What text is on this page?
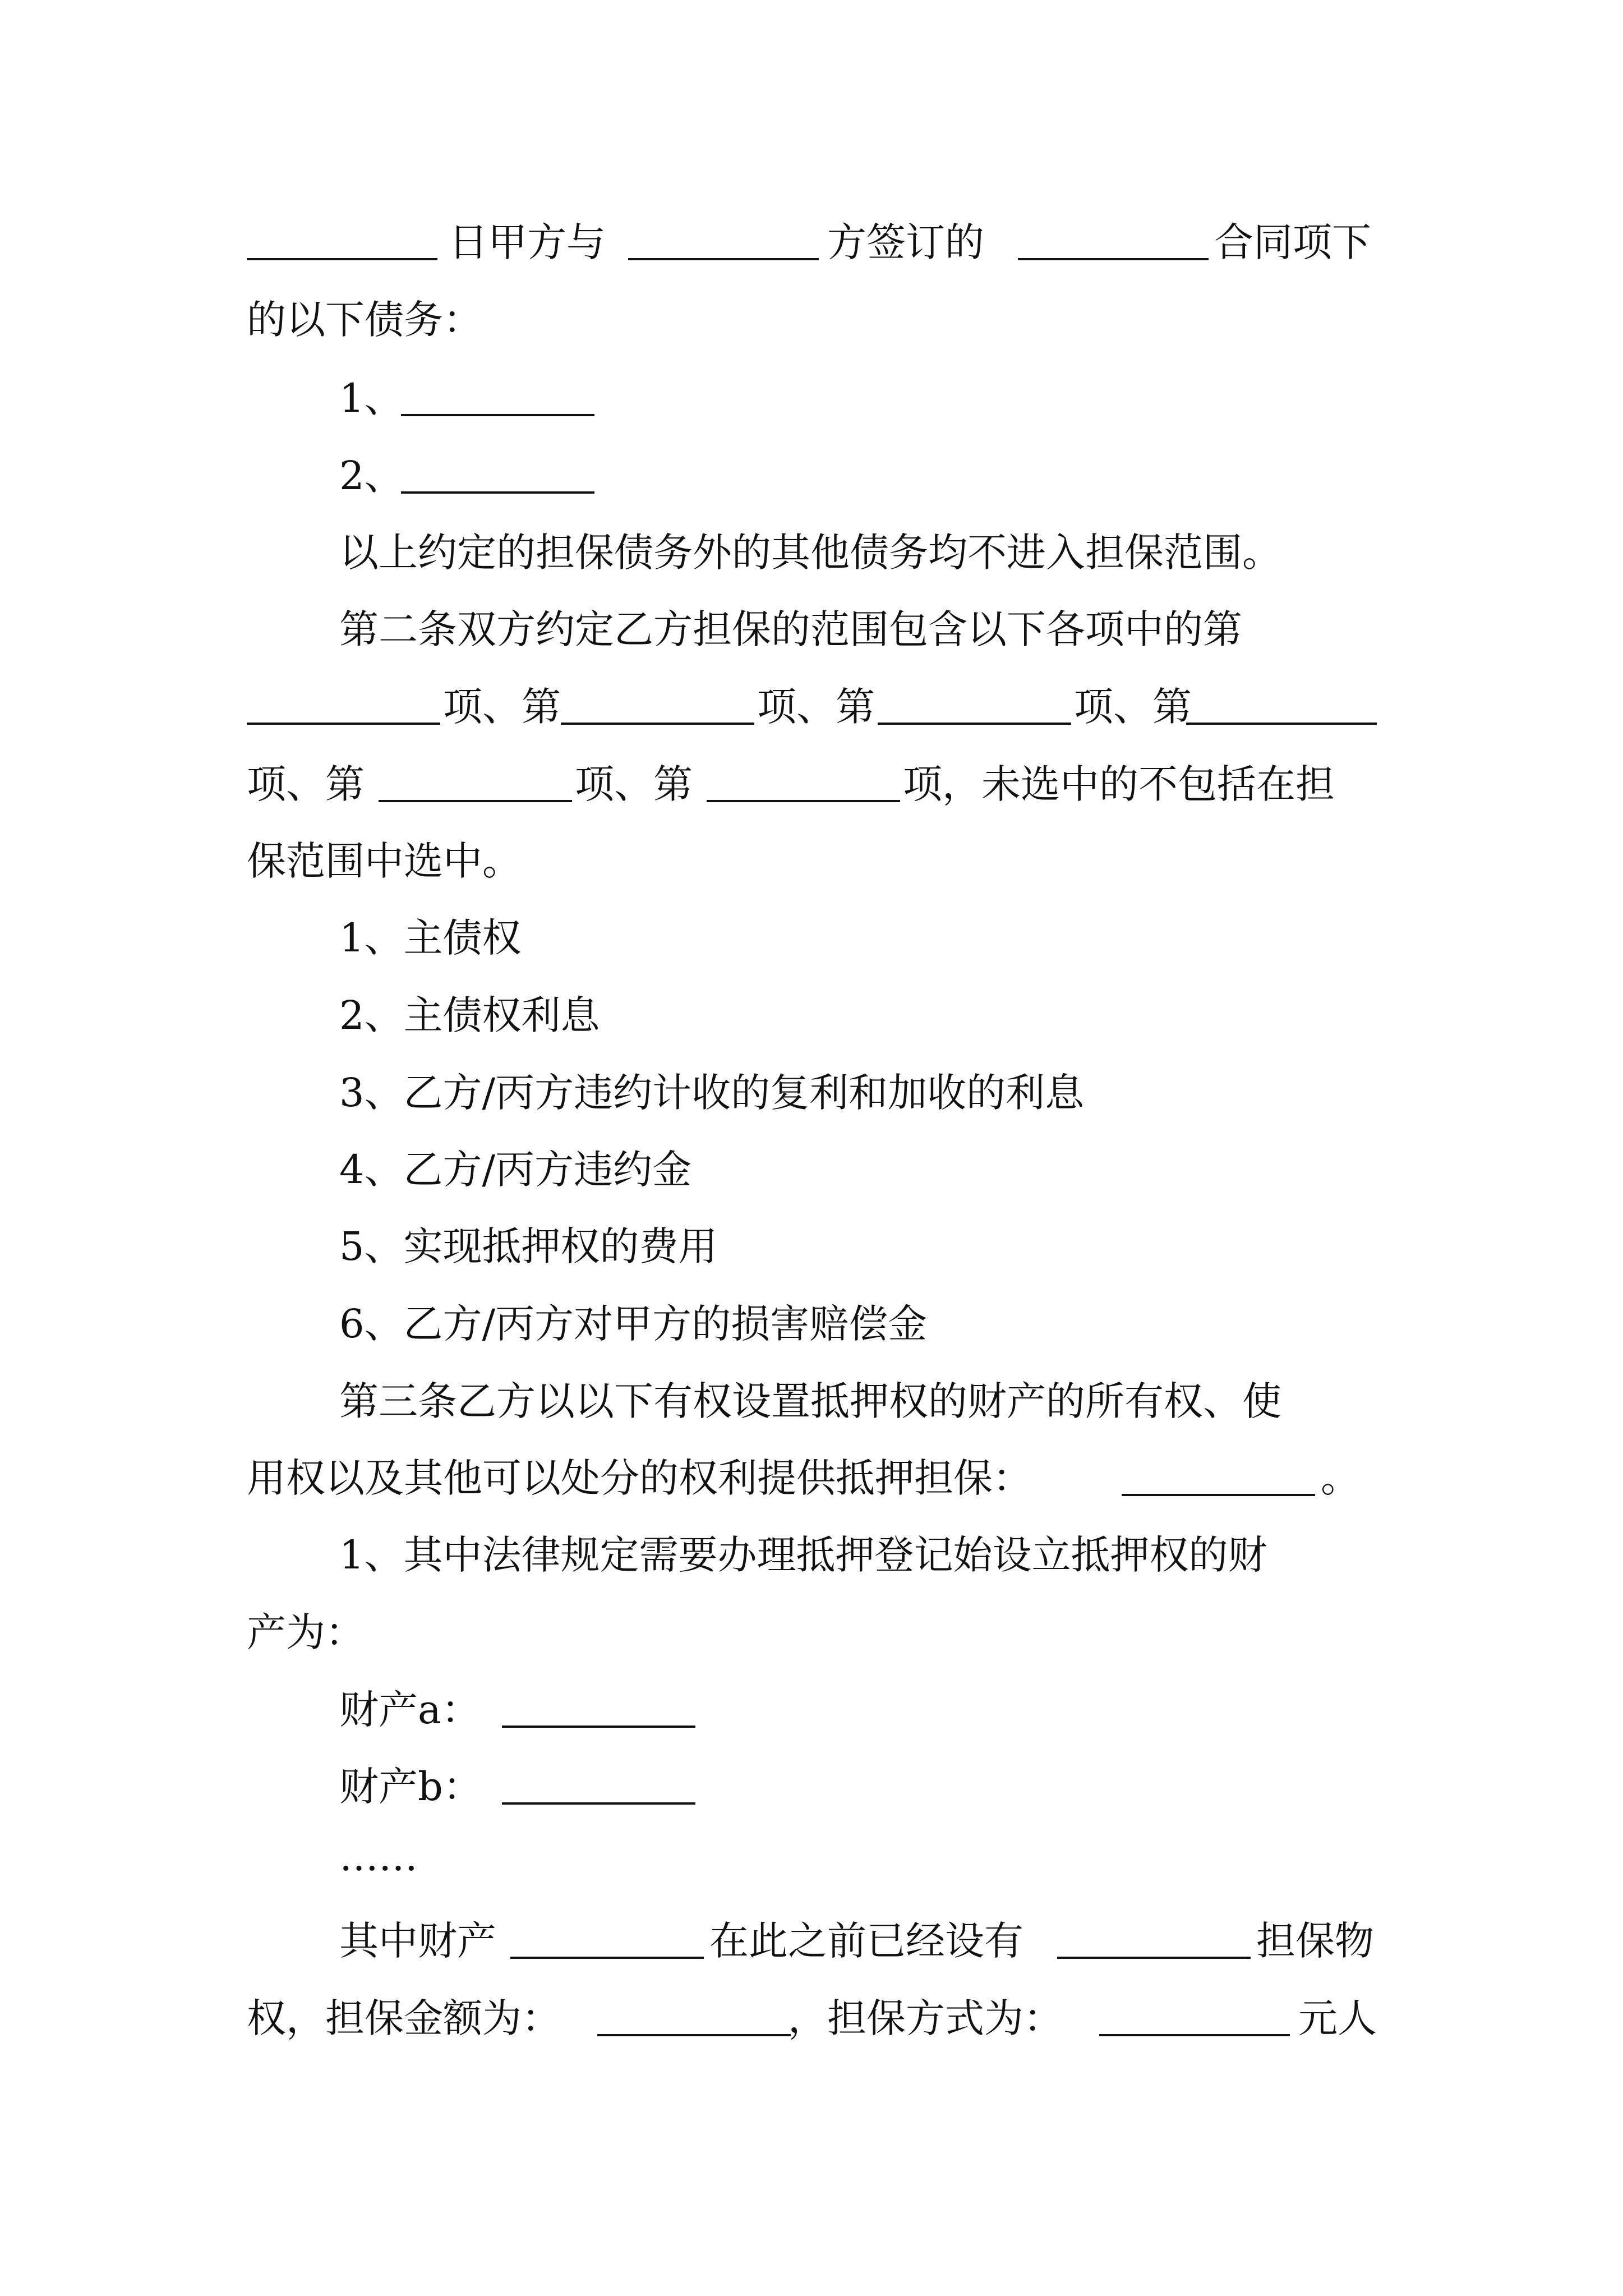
日甲方与	方签订的	合同项下
的以下债务：
1、
2、
以上约定的担保债务外的其他债务均不进入担保范围。
第二条双方约定乙方担保的范围包含以下各项中的第
项、第	项、第	项、第
项、第	项、第	项，未选中的不包括在担
保范围中选中。
1、主债权
2、主债权利息
3、乙方/丙方违约计收的复利和加收的利息
4、乙方/丙方违约金
5、实现抵押权的费用
6、乙方/丙方对甲方的损害赔偿金
第三条乙方以以下有权设置抵押权的财产的所有权、使
用权以及其他可以处分的权利提供抵押担保：	。
1、其中法律规定需要办理抵押登记始设立抵押权的财
产为：
财产a：
财产b：
……
其中财产	在此之前已经设有	担保物
权，担保金额为：	，担保方式为：	元人
